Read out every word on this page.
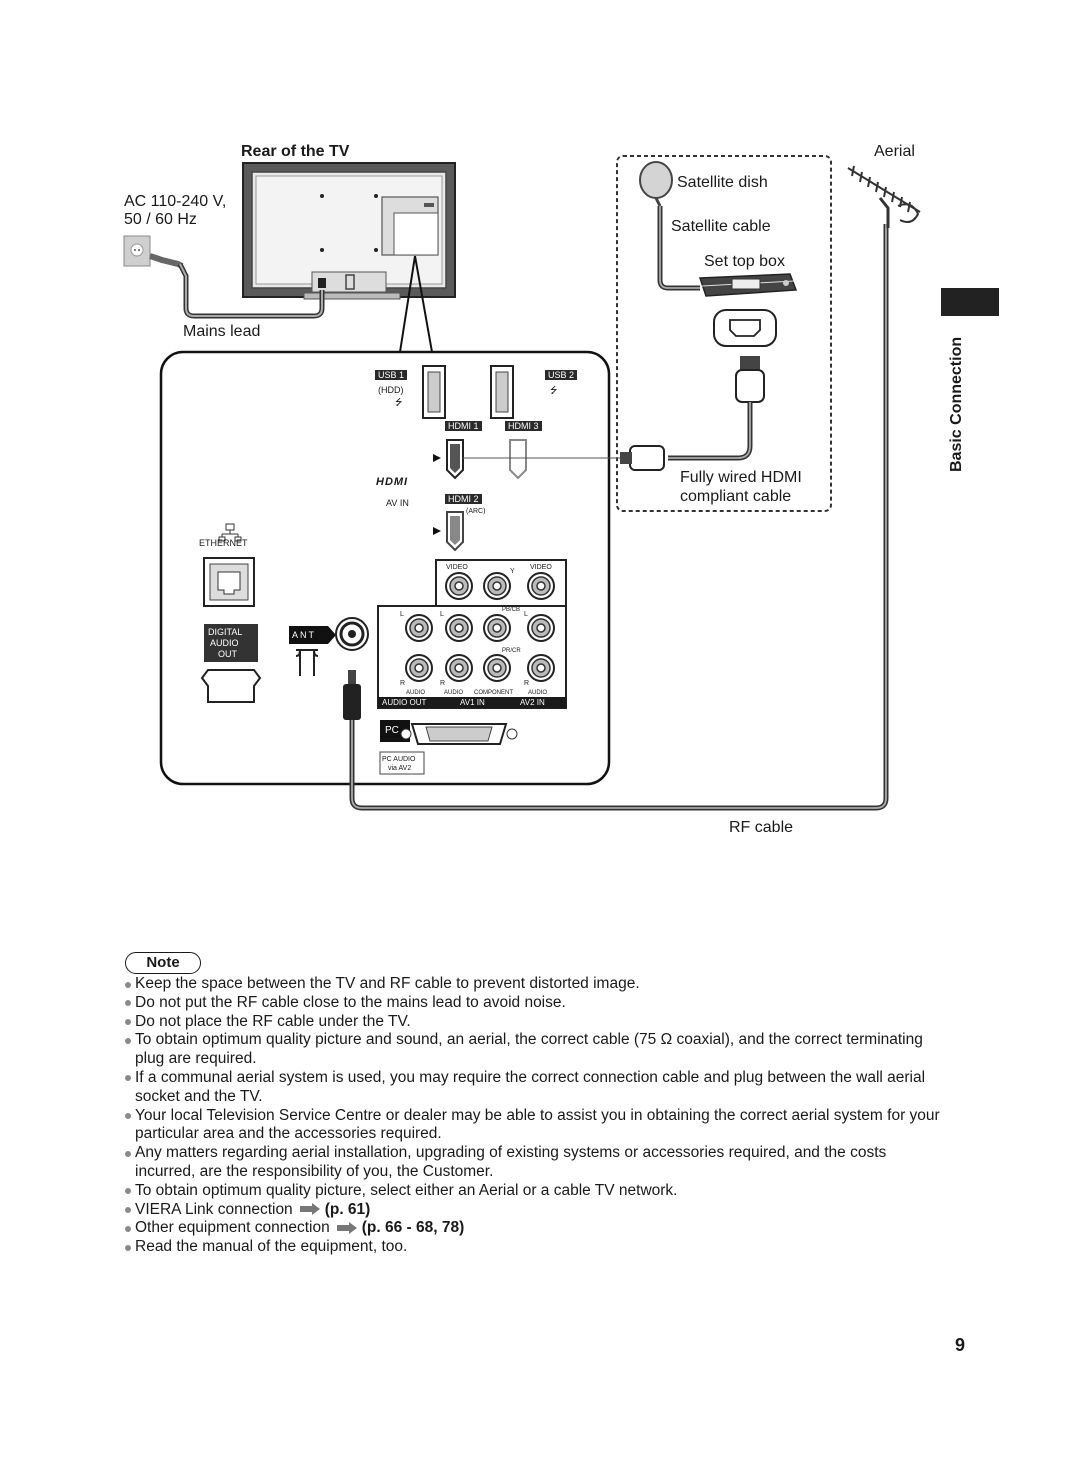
Rear of the TV
AC 110-240 V,
50 / 60 Hz
Mains lead
Aerial
Satellite dish
Satellite cable
Set top box
Fully wired HDMI
compliant cable
RF cable
USB 1
(HDD)
⭍
USB 2
⭍
HDMI 1	HDMI 3
HDMI
AV IN	HDMI 2
(ARC)
ETHERNET
DIGITAL
AUDIO
OUT
ANT
VIDEO	VIDEO
Y
PB/CB
PR/CR
L	L	L
R	R	R
AUDIO	AUDIO COMPONENT	AUDIO
AUDIO OUT	AV1 IN	AV2 IN
PC
PC AUDIO
via AV2
Basic Connection
Note
Keep the space between the TV and RF cable to prevent distorted image.
Do not put the RF cable close to the mains lead to avoid noise.
Do not place the RF cable under the TV.
To obtain optimum quality picture and sound, an aerial, the correct cable (75 Ω coaxial), and the correct terminating plug are required.
If a communal aerial system is used, you may require the correct connection cable and plug between the wall aerial socket and the TV.
Your local Television Service Centre or dealer may be able to assist you in obtaining the correct aerial system for your particular area and the accessories required.
Any matters regarding aerial installation, upgrading of existing systems or accessories required, and the costs incurred, are the responsibility of you, the Customer.
To obtain optimum quality picture, select either an Aerial or a cable TV network.
VIERA Link connection (p. 61)
Other equipment connection (p. 66 - 68, 78)
Read the manual of the equipment, too.
9
